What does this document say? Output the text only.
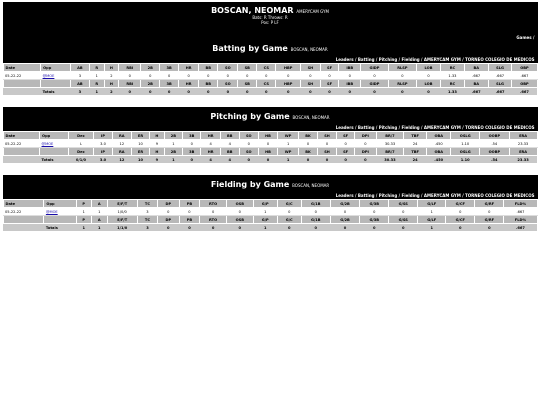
BOSCAN, NEOMAR AMERYCAM GYM
Bats: R Throws: R
Pos: P LF
Games /
Batting by Game BOSCAN, NEOMAR
Leaders / Batting / Pitching / Fielding / AMERYCAM GYM / TORNEO COLEGIO DE MEDICOS
Date	Opp	AB	R	H	RBI	2B	3B	HR	BB	SO	SB	CS	HBP	SH	SF	IBB	GIDP	RLSP	LOB	RC	BA	SLG	OBP
05-22-22	@MOE	3	1	2	0	0	0	0	0	0	0	0	0	0	0	0	0	0	0	1.33	.667	.667	.667
		AB	R	H	RBI	2B	3B	HR	BB	SO	SB	CS	HBP	SH	SF	IBB	GIDP	RLSP	LOB	RC	BA	SLG	OBP
	Totals	3	1	2	0	0	0	0	0	0	0	0	0	0	0	0	0	0	0	1.33	.667	.667	.667
Pitching by Game BOSCAN, NEOMAR
Leaders / Batting / Pitching / Fielding / AMERYCAM GYM / TORNEO COLEGIO DE MEDICOS
Date	Opp	Dec	IP	RA	ER	H	2B	3B	HR	BB	SO	HB	WP	BK	SH	SF	DPI	BR/7	TBF	OBA	OSLG	OOBP	ERA
05-22-22	@MOE	L	3.0	12	10	9	1	0	4	4	0	0	1	0	0	0	0	30.33	24	.450	1.10	.54	23.33
		Dec	IP	RA	ER	H	2B	3B	HR	BB	SO	HB	WP	BK	SH	SF	DPI	BR/7	TBF	OBA	OSLG	OOBP	ERA
	Totals	0/1/0	3.0	12	10	9	1	0	4	4	0	0	1	0	0	0	0	30.33	24	.450	1.10	.54	23.33
Fielding by Game BOSCAN, NEOMAR
Leaders / Batting / Pitching / Fielding / AMERYCAM GYM / TORNEO COLEGIO DE MEDICOS
Date	Opp	P	A	E/F/T	TC	DP	PB	RTO	OSB	G/P	G/C	G/1B	G/2B	G/3B	G/SS	G/LF	G/CF	G/RF	FLD%
05-22-22	@MOE	1	1	1/0/0	3	0	0	0	0	1	0	0	0	0	0	1	0	0	.667
		P	A	E/F/T	TC	DP	PB	RTO	OSB	G/P	G/C	G/1B	G/2B	G/3B	G/SS	G/LF	G/CF	G/RF	FLD%
	Totals	1	1	1/1/0	3	0	0	0	0	1	0	0	0	0	0	1	0	0	.667
